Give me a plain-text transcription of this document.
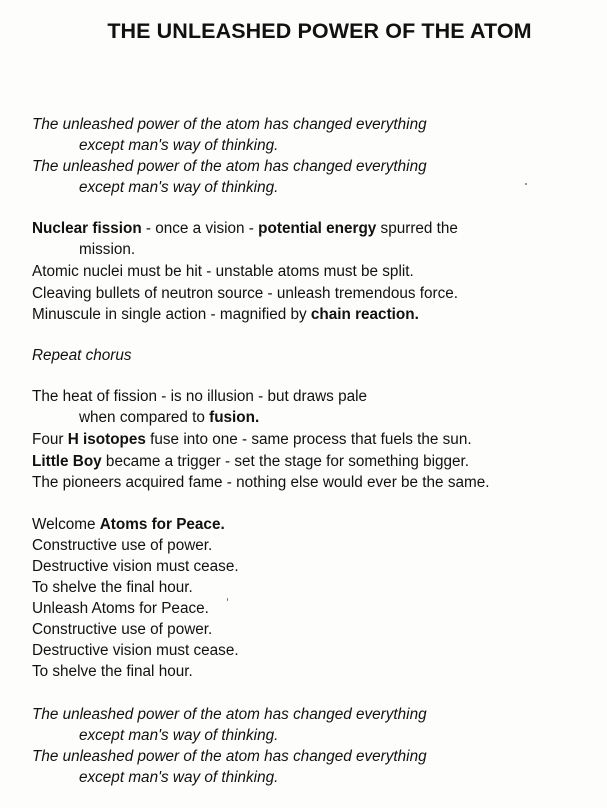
THE UNLEASHED POWER OF THE ATOM
The unleashed power of the atom has changed everything
except man's way of thinking.
The unleashed power of the atom has changed everything
except man's way of thinking.
Nuclear fission - once a vision - potential energy spurred the
mission.
Atomic nuclei must be hit - unstable atoms must be split.
Cleaving bullets of neutron source - unleash tremendous force.
Minuscule in single action - magnified by chain reaction.
Repeat chorus
The heat of fission - is no illusion - but draws pale
when compared to fusion.
Four H isotopes fuse into one - same process that fuels the sun.
Little Boy became a trigger - set the stage for something bigger.
The pioneers acquired fame - nothing else would ever be the same.
Welcome Atoms for Peace.
Constructive use of power.
Destructive vision must cease.
To shelve the final hour.
Unleash Atoms for Peace.
Constructive use of power.
Destructive vision must cease.
To shelve the final hour.
The unleashed power of the atom has changed everything
except man's way of thinking.
The unleashed power of the atom has changed everything
except man's way of thinking.
